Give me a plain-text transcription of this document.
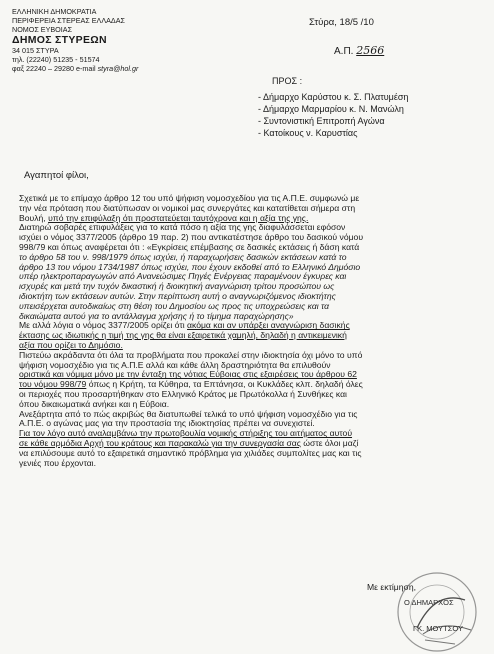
ΕΛΛΗΝΙΚΗ ΔΗΜΟΚΡΑΤΙΑ
ΠΕΡΙΦΕΡΕΙΑ ΣΤΕΡΕΑΣ ΕΛΛΑΔΑΣ
ΝΟΜΟΣ ΕΥΒΟΙΑΣ
ΔΗΜΟΣ ΣΤΥΡΕΩΝ
34 015 ΣΤΥΡΑ
τηλ. (22240) 51235 - 51574
φαξ 22240 – 29280 e-mail styra@hol.gr
Στύρα, 18/5 /10
Α.Π. 2566
ΠΡΟΣ :
- Δήμαρχο Καρύστου κ. Σ. Πλατυμέση
- Δήμαρχο Μαρμαρίου κ. Ν. Μανώλη
- Συντονιστική Επιτροπή Αγώνα
- Κατοίκους ν. Καρυστίας
Αγαπητοί φίλοι,

Σχετικά με το επίμαχο άρθρο 12 του υπό ψήφιση νομοσχεδίου για τις Α.Π.Ε. συμφωνώ με
την νέα πρόταση που διατύπωσαν οι νομικοί μας συνεργάτες και κατατίθεται σήμερα στη
Βουλή, υπό την επιφύλαξη ότι προστατεύεται ταυτόχρονα και η αξία της γης.
Διατηρώ σοβαρές επιφυλάξεις για το κατά πόσο η αξία της γης διαφυλάσσεται εφόσον
ισχύει ο νόμος 3377/2005 (άρθρο 19 παρ. 2) που αντικατέστησε άρθρο του δασικού νόμου
998/79 και όπως αναφέρεται ότι : «Εγκρίσεις επέμβασης σε δασικές εκτάσεις ή δάση κατά
το άρθρο 58 του ν. 998/1979 όπως ισχύει, ή παραχωρήσεις δασικών εκτάσεων κατά το
άρθρο 13 του νόμου 1734/1987 όπως ισχύει, που έχουν εκδοθεί από το Ελληνικό Δημόσιο
υπέρ ηλεκτροπαραγωγών από Ανανεώσιμες Πηγές Ενέργειας παραμένουν έγκυρες και
ισχυρές και μετά την τυχόν δικαστική ή διοικητική αναγνώριση τρίτου προσώπου ως
ιδιοκτήτη των εκτάσεων αυτών. Στην περίπτωση αυτή ο αναγνωριζόμενος ιδιοκτήτης
υπεισέρχεται αυτοδικαίως στη θέση του Δημοσίου ως προς τις υποχρεώσεις και τα
δικαιώματα αυτού για το αντάλλαγμα χρήσης ή το τίμημα παραχώρησης»
Με αλλά λόγια ο νόμος 3377/2005 ορίζει ότι ακόμα και αν υπάρξει αναγνώριση δασικής
έκτασης ως ιδιωτικής η τιμή της γης θα είναι εξαιρετικά χαμηλή, δηλαδή η αντικειμενική
αξία που ορίζει το Δημόσιο.

Πιστεύω ακράδαντα ότι όλα τα προβλήματα που προκαλεί στην ιδιοκτησία όχι μόνο το υπό
ψήφιση νομοσχέδιο για τις Α.Π.Ε αλλά και κάθε άλλη δραστηριότητα θα επιλυθούν
οριστικά και νόμιμα μόνο με την ένταξη της νότιας Εύβοιας στις εξαιρέσεις του άρθρου 62
του νόμου 998/79 όπως η Κρήτη, τα Κύθηρα, τα Επτάνησα, οι Κυκλάδες κλπ. δηλαδή όλες
οι περιοχές που προσαρτήθηκαν στο Ελληνικό Κράτος με Πρωτόκολλα ή Συνθήκες και
όπου δικαιωματικά ανήκει και η Εύβοια.

Ανεξάρτητα από το πώς ακριβώς θα διατυπωθεί τελικά το υπό ψήφιση νομοσχέδιο για τις
Α.Π.Ε. ο αγώνας μας για την προστασία της ιδιοκτησίας πρέπει να συνεχιστεί.

Για τον λόγο αυτό αναλαμβάνω την πρωτοβουλία νομικής στήριξης του αιτήματος αυτού
σε κάθε αρμόδια Αρχή του κράτους και παρακαλώ για την συνεργασία σας ώστε όλοι μαζί
να επιλύσουμε αυτό το εξαιρετικά σημαντικό πρόβλημα για χιλιάδες συμπολίτες μας και τις
γενιές που έρχονται.

Με εκτίμηση,
Ο ΔΗΜΑΡΧΟΣ
ΓΚ. ΜΟΥΤΣΟΥ
